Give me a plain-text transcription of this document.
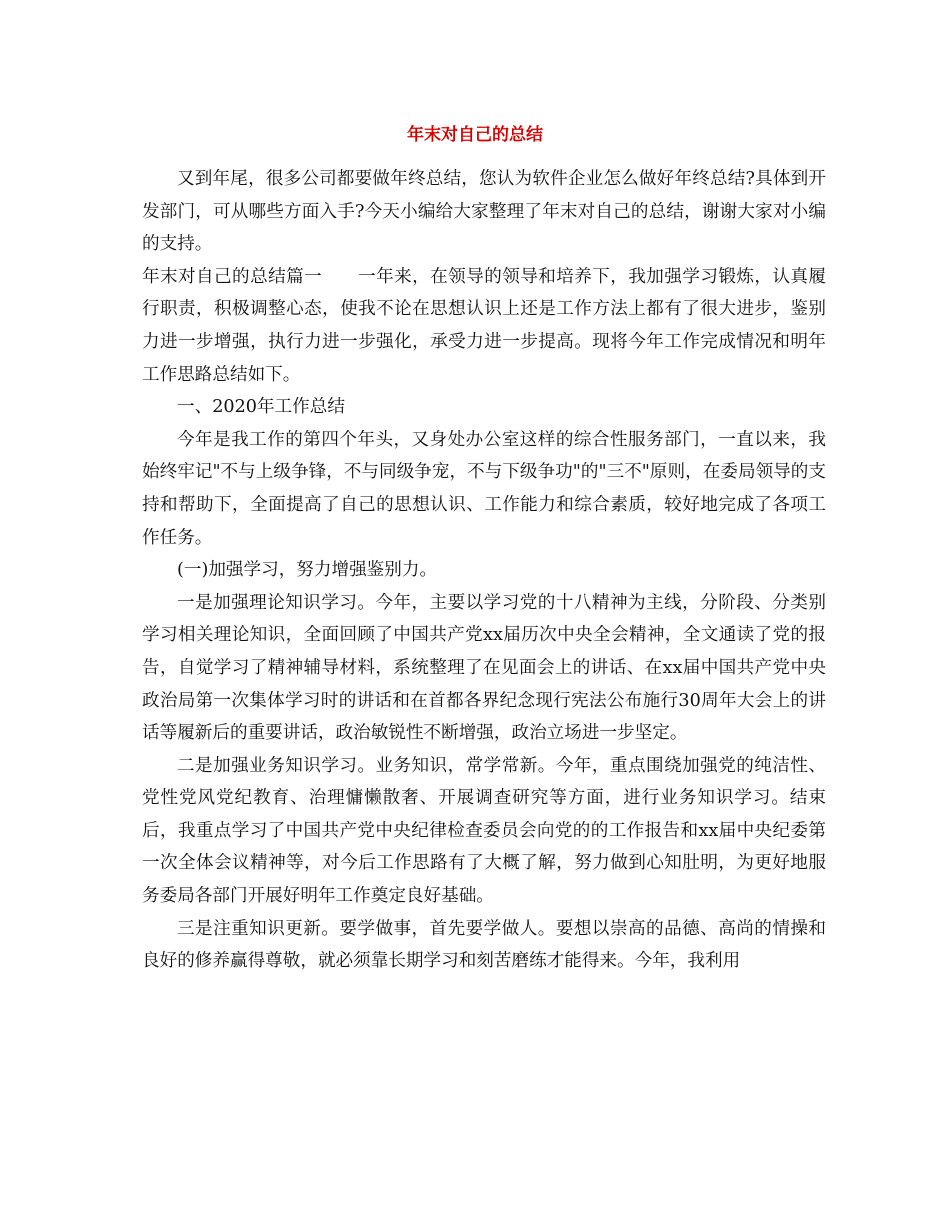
年末对自己的总结

又到年尾，很多公司都要做年终总结，您认为软件企业怎么做好年终总结?具体到开发部门，可从哪些方面入手?今天小编给大家整理了年末对自己的总结，谢谢大家对小编的支持。

年末对自己的总结篇一　　一年来，在领导的领导和培养下，我加强学习锻炼，认真履行职责，积极调整心态，使我不论在思想认识上还是工作方法上都有了很大进步，鉴别力进一步增强，执行力进一步强化，承受力进一步提高。现将今年工作完成情况和明年工作思路总结如下。

一、2020年工作总结

今年是我工作的第四个年头，又身处办公室这样的综合性服务部门，一直以来，我始终牢记"不与上级争锋，不与同级争宠，不与下级争功"的"三不"原则，在委局领导的支持和帮助下，全面提高了自己的思想认识、工作能力和综合素质，较好地完成了各项工作任务。

(一)加强学习，努力增强鉴别力。

一是加强理论知识学习。今年，主要以学习党的十八精神为主线，分阶段、分类别学习相关理论知识，全面回顾了中国共产党xx届历次中央全会精神，全文通读了党的报告，自觉学习了精神辅导材料，系统整理了在见面会上的讲话、在xx届中国共产党中央政治局第一次集体学习时的讲话和在首都各界纪念现行宪法公布施行30周年大会上的讲话等履新后的重要讲话，政治敏锐性不断增强，政治立场进一步坚定。

二是加强业务知识学习。业务知识，常学常新。今年，重点围绕加强党的纯洁性、党性党风党纪教育、治理慵懒散奢、开展调查研究等方面，进行业务知识学习。结束后，我重点学习了中国共产党中央纪律检查委员会向党的的工作报告和xx届中央纪委第一次全体会议精神等，对今后工作思路有了大概了解，努力做到心知肚明，为更好地服务委局各部门开展好明年工作奠定良好基础。

三是注重知识更新。要学做事，首先要学做人。要想以崇高的品德、高尚的情操和良好的修养赢得尊敬，就必须靠长期学习和刻苦磨练才能得来。今年，我利用
